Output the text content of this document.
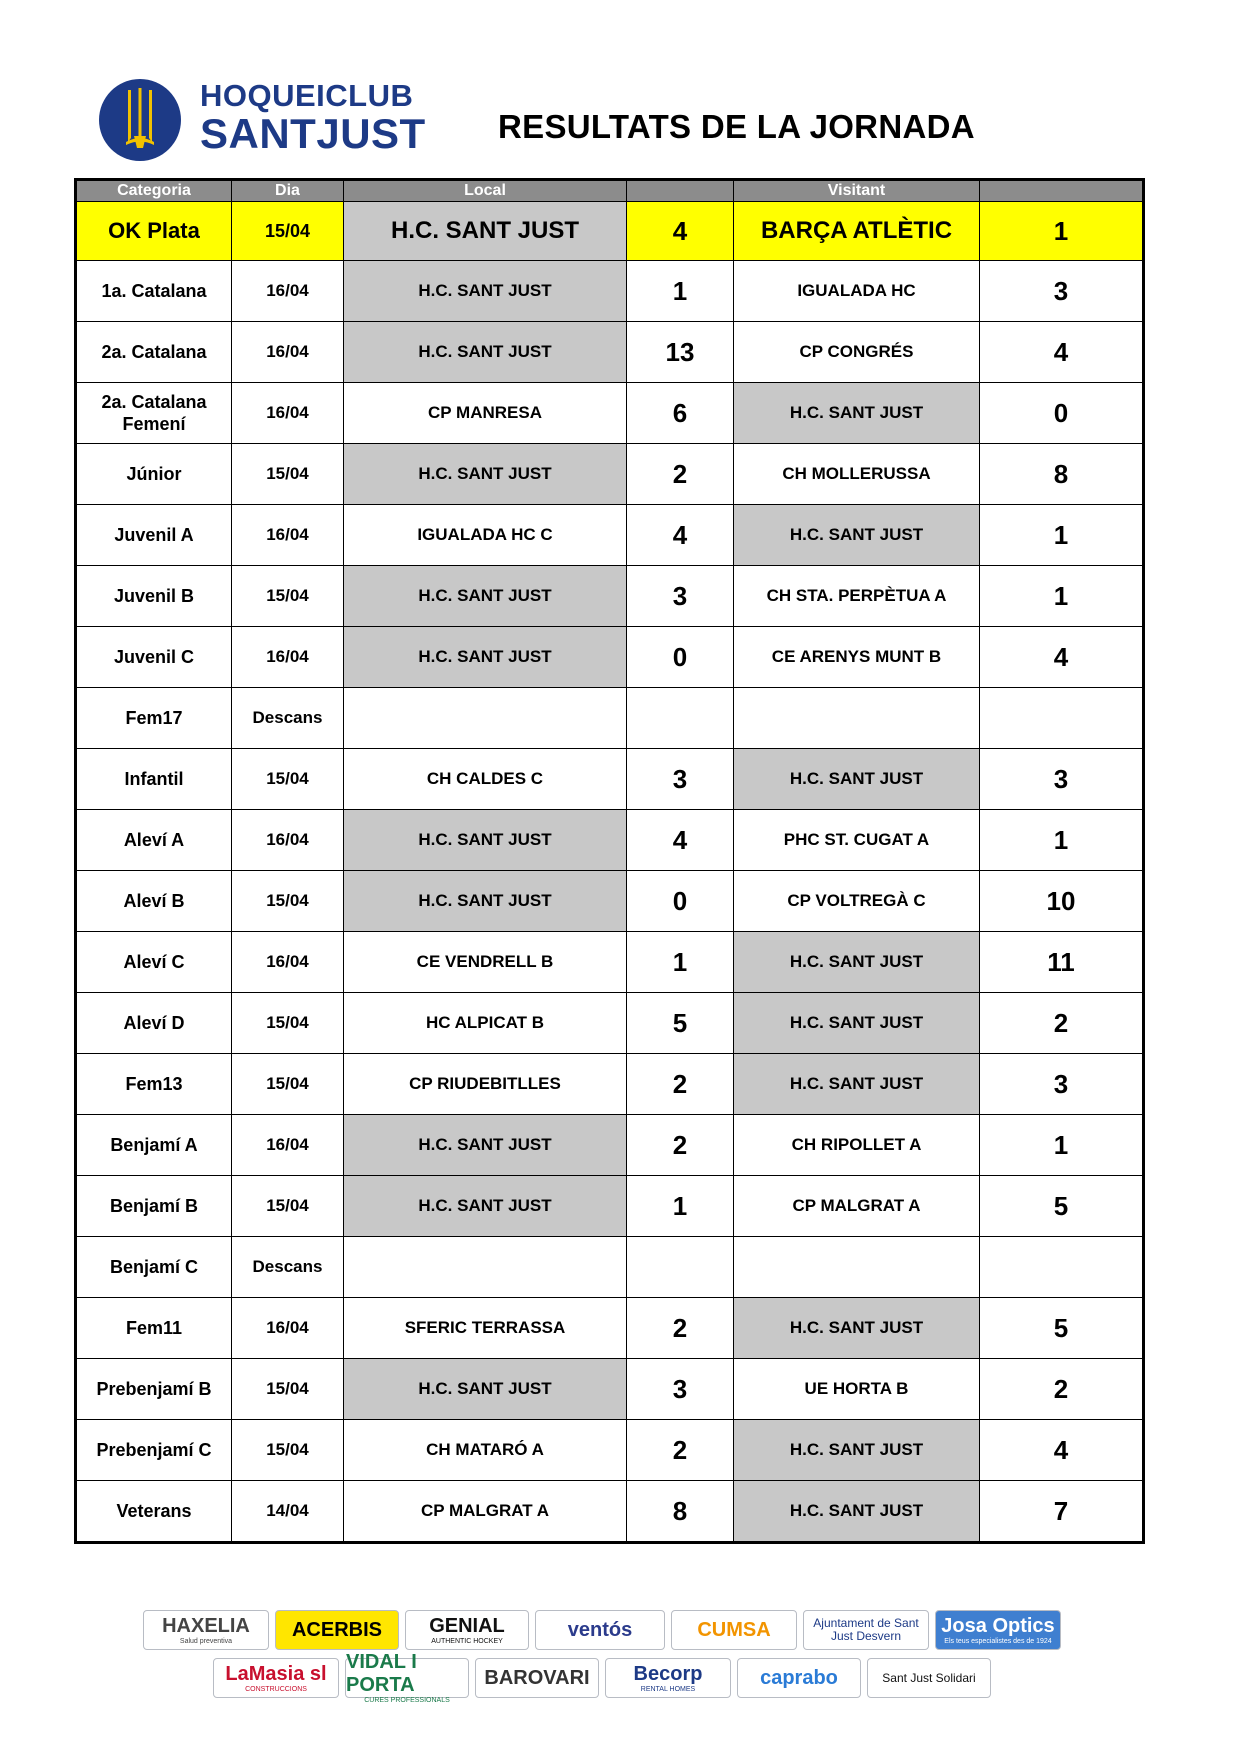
HOQUEICLUB
SANTJUST RESULTATS DE LA JORNADA
Categoria	Dia	Local		Visitant	
OK Plata	15/04	H.C. SANT JUST	4	BARÇA ATLÈTIC	1
1a. Catalana	16/04	H.C. SANT JUST	1	IGUALADA HC	3
2a. Catalana	16/04	H.C. SANT JUST	13	CP CONGRÉS	4
2a. Catalana Femení	16/04	CP MANRESA	6	H.C. SANT JUST	0
Júnior	15/04	H.C. SANT JUST	2	CH MOLLERUSSA	8
Juvenil A	16/04	IGUALADA HC C	4	H.C. SANT JUST	1
Juvenil B	15/04	H.C. SANT JUST	3	CH STA. PERPÈTUA A	1
Juvenil C	16/04	H.C. SANT JUST	0	CE ARENYS MUNT B	4
Fem17	Descans				
Infantil	15/04	CH CALDES C	3	H.C. SANT JUST	3
Aleví A	16/04	H.C. SANT JUST	4	PHC ST. CUGAT A	1
Aleví B	15/04	H.C. SANT JUST	0	CP VOLTREGÀ C	10
Aleví C	16/04	CE VENDRELL B	1	H.C. SANT JUST	11
Aleví D	15/04	HC ALPICAT B	5	H.C. SANT JUST	2
Fem13	15/04	CP RIUDEBITLLES	2	H.C. SANT JUST	3
Benjamí A	16/04	H.C. SANT JUST	2	CH RIPOLLET A	1
Benjamí B	15/04	H.C. SANT JUST	1	CP MALGRAT A	5
Benjamí C	Descans				
Fem11	16/04	SFERIC TERRASSA	2	H.C. SANT JUST	5
Prebenjamí B	15/04	H.C. SANT JUST	3	UE HORTA B	2
Prebenjamí C	15/04	CH MATARÓ A	2	H.C. SANT JUST	4
Veterans	14/04	CP MALGRAT A	8	H.C. SANT JUST	7
HAXELIA
Salud preventiva
ACERBIS GENIAL
AUTHENTIC HOCKEY
ventós	CUMSA	Ajuntament de Sant Just Desvern	Josa Optics
Els teus especialistes des de 1924
LaMasia sl
CONSTRUCCIONS
VIDAL I PORTA
CURES PROFESSIONALS
BAROVARI Becorp
RENTAL HOMES
caprabo	Sant Just Solidari
